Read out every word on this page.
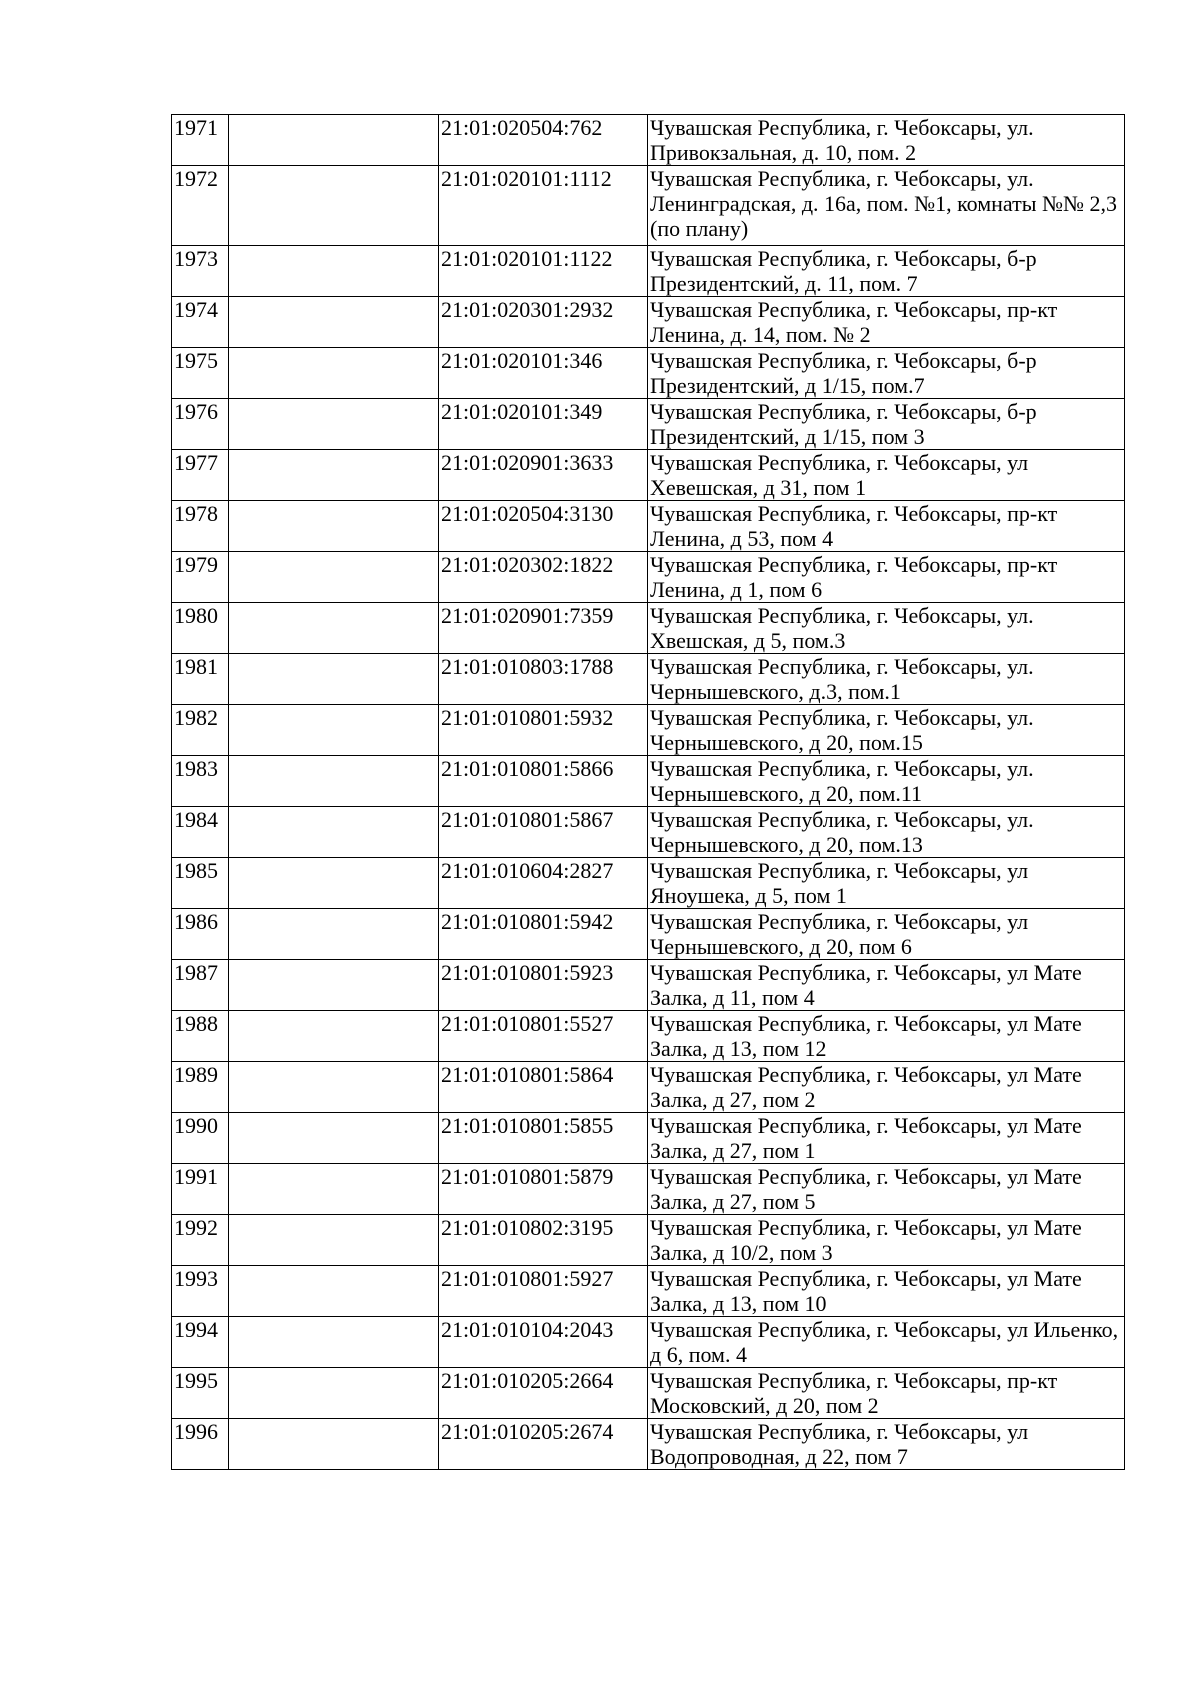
1971		21:01:020504:762	Чувашская Республика, г. Чебоксары, ул. Привокзальная, д. 10, пом. 2
1972		21:01:020101:1112	Чувашская Республика, г. Чебоксары, ул. Ленинградская, д. 16а, пом. №1, комнаты №№ 2,3 (по плану)
1973		21:01:020101:1122	Чувашская Республика, г. Чебоксары, б-р Президентский, д. 11, пом. 7
1974		21:01:020301:2932	Чувашская Республика, г. Чебоксары, пр-кт Ленина, д. 14, пом. № 2
1975		21:01:020101:346	Чувашская Республика, г. Чебоксары, б-р Президентский, д 1/15, пом.7
1976		21:01:020101:349	Чувашская Республика, г. Чебоксары, б-р Президентский, д 1/15, пом 3
1977		21:01:020901:3633	Чувашская Республика, г. Чебоксары, ул Хевешская, д 31, пом 1
1978		21:01:020504:3130	Чувашская Республика, г. Чебоксары, пр-кт Ленина, д 53, пом 4
1979		21:01:020302:1822	Чувашская Республика, г. Чебоксары, пр-кт Ленина, д 1, пом 6
1980		21:01:020901:7359	Чувашская Республика, г. Чебоксары, ул. Хвешская, д 5, пом.3
1981		21:01:010803:1788	Чувашская Республика, г. Чебоксары, ул. Чернышевского, д.3, пом.1
1982		21:01:010801:5932	Чувашская Республика, г. Чебоксары, ул. Чернышевского, д 20, пом.15
1983		21:01:010801:5866	Чувашская Республика, г. Чебоксары, ул. Чернышевского, д 20, пом.11
1984		21:01:010801:5867	Чувашская Республика, г. Чебоксары, ул. Чернышевского, д 20, пом.13
1985		21:01:010604:2827	Чувашская Республика, г. Чебоксары, ул Яноушека, д 5, пом 1
1986		21:01:010801:5942	Чувашская Республика, г. Чебоксары, ул Чернышевского, д 20, пом 6
1987		21:01:010801:5923	Чувашская Республика, г. Чебоксары, ул Мате Залка, д 11, пом 4
1988		21:01:010801:5527	Чувашская Республика, г. Чебоксары, ул Мате Залка, д 13, пом 12
1989		21:01:010801:5864	Чувашская Республика, г. Чебоксары, ул Мате Залка, д 27, пом 2
1990		21:01:010801:5855	Чувашская Республика, г. Чебоксары, ул Мате Залка, д 27, пом 1
1991		21:01:010801:5879	Чувашская Республика, г. Чебоксары, ул Мате Залка, д 27, пом 5
1992		21:01:010802:3195	Чувашская Республика, г. Чебоксары, ул Мате Залка, д 10/2, пом 3
1993		21:01:010801:5927	Чувашская Республика, г. Чебоксары, ул Мате Залка, д 13, пом 10
1994		21:01:010104:2043	Чувашская Республика, г. Чебоксары, ул Ильенко, д 6, пом. 4
1995		21:01:010205:2664	Чувашская Республика, г. Чебоксары, пр-кт Московский, д 20, пом 2
1996		21:01:010205:2674	Чувашская Республика, г. Чебоксары, ул Водопроводная, д 22, пом 7
